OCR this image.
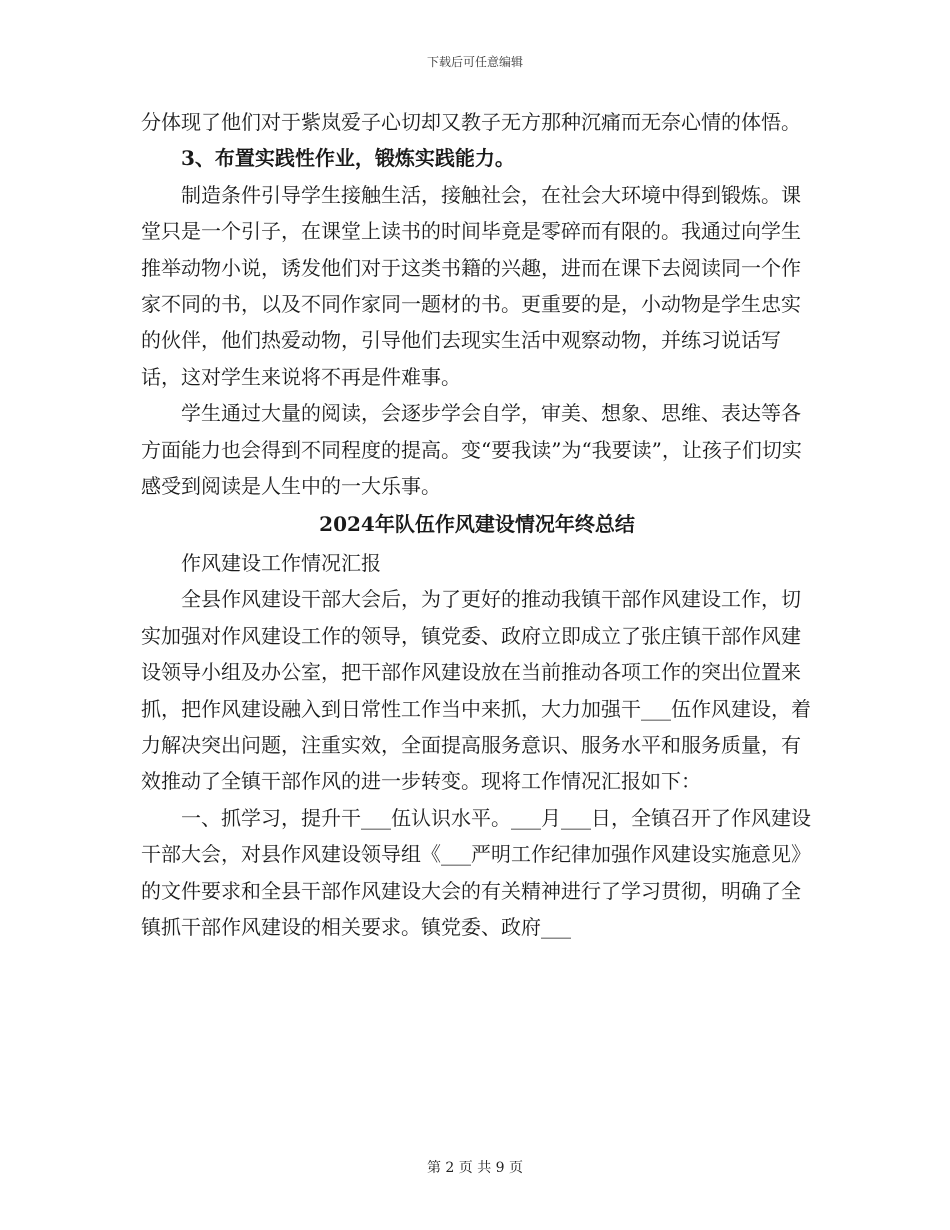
下载后可任意编辑

分体现了他们对于紫岚爱子心切却又教子无方那种沉痛而无奈心情的体悟。

3、布置实践性作业，锻炼实践能力。

制造条件引导学生接触生活，接触社会，在社会大环境中得到锻炼。课堂只是一个引子，在课堂上读书的时间毕竟是零碎而有限的。我通过向学生推举动物小说，诱发他们对于这类书籍的兴趣，进而在课下去阅读同一个作家不同的书，以及不同作家同一题材的书。更重要的是，小动物是学生忠实的伙伴，他们热爱动物，引导他们去现实生活中观察动物，并练习说话写话，这对学生来说将不再是件难事。

学生通过大量的阅读，会逐步学会自学，审美、想象、思维、表达等各方面能力也会得到不同程度的提高。变“要我读”为“我要读”，让孩子们切实感受到阅读是人生中的一大乐事。

2024年队伍作风建设情况年终总结

作风建设工作情况汇报

全县作风建设干部大会后，为了更好的推动我镇干部作风建设工作，切实加强对作风建设工作的领导，镇党委、政府立即成立了张庄镇干部作风建设领导小组及办公室，把干部作风建设放在当前推动各项工作的突出位置来抓，把作风建设融入到日常性工作当中来抓，大力加强干___伍作风建设，着力解决突出问题，注重实效，全面提高服务意识、服务水平和服务质量，有效推动了全镇干部作风的进一步转变。现将工作情况汇报如下：

一、抓学习，提升干___伍认识水平。___月___日，全镇召开了作风建设干部大会，对县作风建设领导组《___严明工作纪律加强作风建设实施意见》的文件要求和全县干部作风建设大会的有关精神进行了学习贯彻，明确了全镇抓干部作风建设的相关要求。镇党委、政府___

第 2 页 共 9 页
